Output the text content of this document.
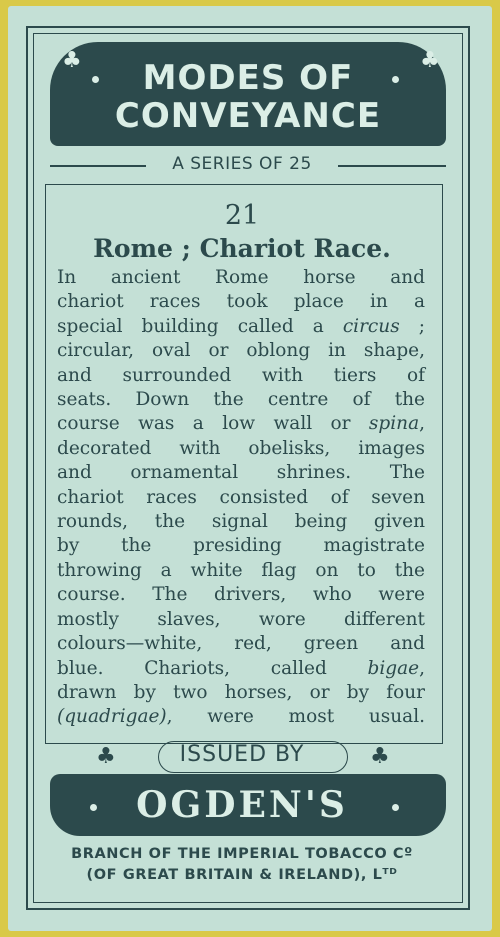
♣	♣
MODES OF
CONVEYANCE
A SERIES OF 25
21
Rome ; Chariot Race.
In ancient Rome horse and
chariot races took place in a
special building called a circus ;
circular, oval or oblong in shape,
and surrounded with tiers of
seats. Down the centre of the
course was a low wall or spina,
decorated with obelisks, images
and ornamental shrines. The
chariot races consisted of seven
rounds, the signal being given
by the presiding magistrate
throwing a white flag on to the
course. The drivers, who were
mostly slaves, wore different
colours—white, red, green and
blue. Chariots, called bigae,
drawn by two horses, or by four
(quadrigae), were most usual.
♣	♣
ISSUED BY
OGDEN'S
BRANCH OF THE IMPERIAL TOBACCO Cº
(OF GREAT BRITAIN & IRELAND), Lᵀᴰ
